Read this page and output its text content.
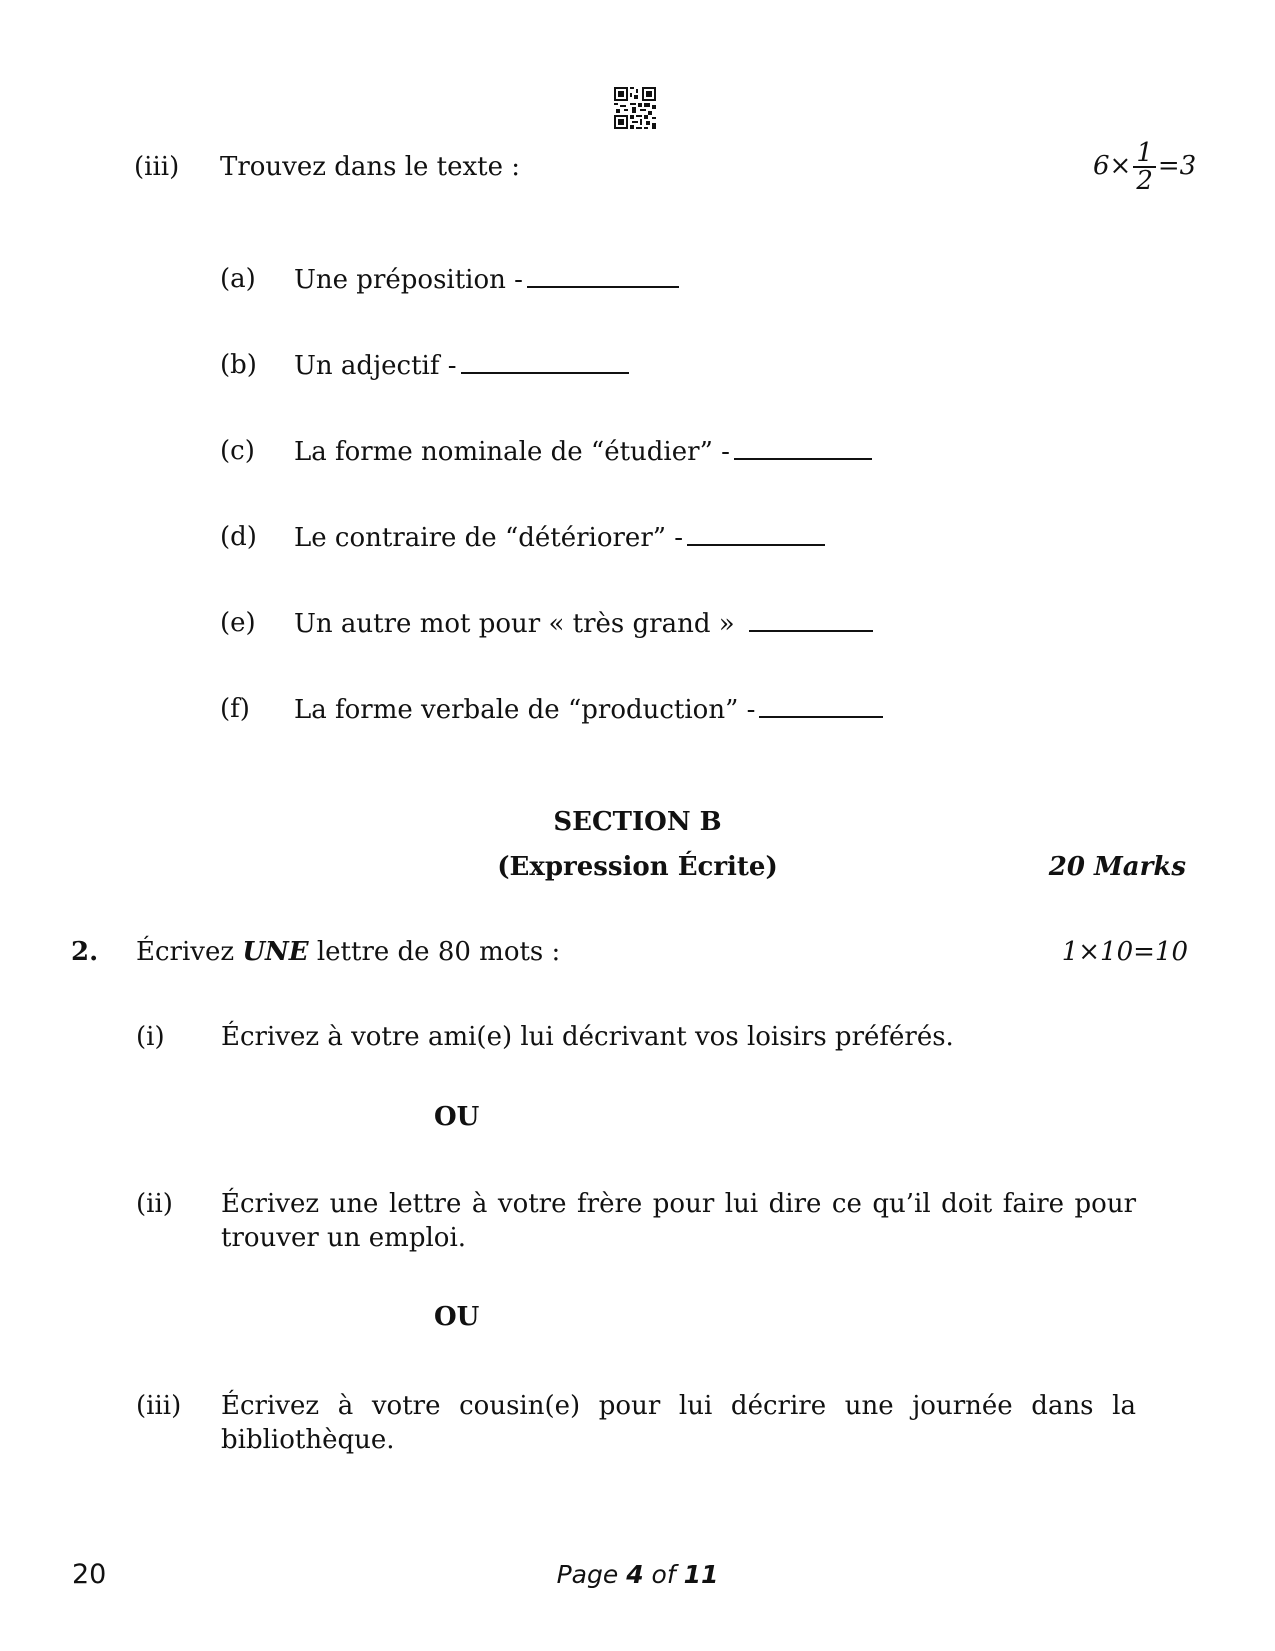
(iii)	Trouvez dans le texte :	$6\times \frac{1}{2} =3$
(a) Une préposition -
(b) Un adjectif -
(c) La forme nominale de “étudier” -
(d) Le contraire de “détériorer” -
(e) Un autre mot pour « très grand »
(f) La forme verbale de “production” -
SECTION B
(Expression Écrite)	20 Marks
2. Écrivez UNE lettre de 80 mots :	1×10=10
(i) Écrivez à votre ami(e) lui décrivant vos loisirs préférés.
OU
(ii) Écrivez une lettre à votre frère pour lui dire ce qu’il doit faire pour trouver un emploi.
OU
(iii) Écrivez à votre cousin(e) pour lui décrire une journée dans la bibliothèque.
20	Page 4 of 11
